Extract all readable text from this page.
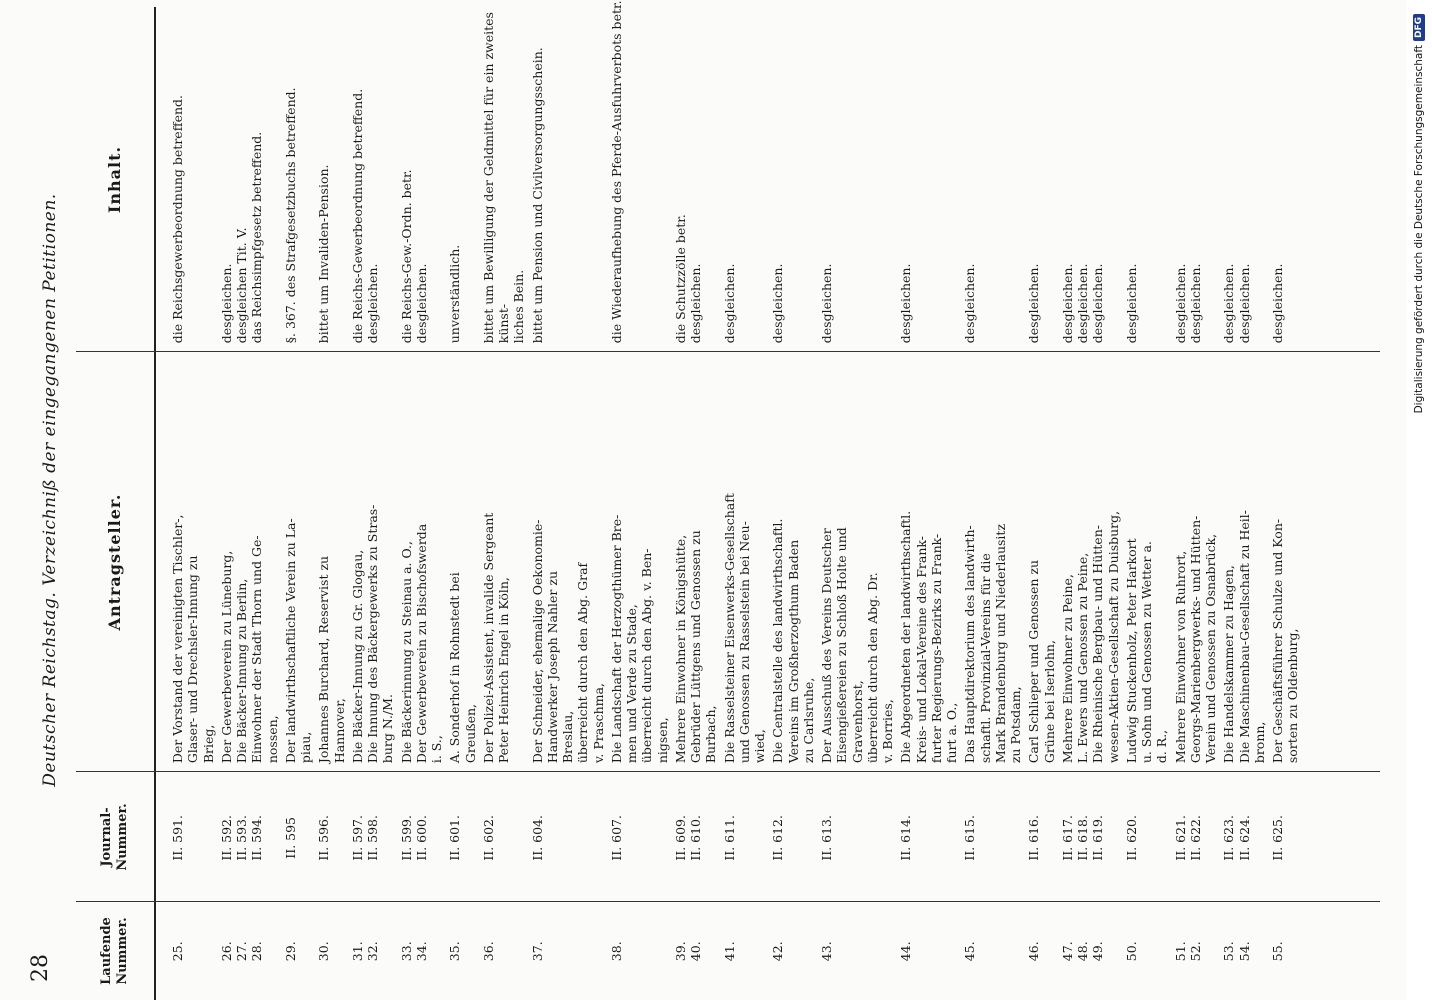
28
Deutscher Reichstag. Verzeichniß der eingegangenen Petitionen.
Laufende
Nummer.
Journal-
Nummer.
Antragsteller.
Inhalt.
25.
II. 591.
Der Vorstand der vereinigten Tischler-,
Glaser- und Drechsler-Innung zu
Brieg,
die Reichsgewerbeordnung betreffend.
26.
27.
28.
II. 592.
II. 593.
II. 594.
Der Gewerbeverein zu Lüneburg,
Die Bäcker-Innung zu Berlin,
Einwohner der Stadt Thorn und Ge-
nossen,
desgleichen.
desgleichen Tit. V.
das Reichsimpfgesetz betreffend.
29.
II. 595
Der landwirthschaftliche Verein zu La-
piau,
§. 367. des Strafgesetzbuchs betreffend.
30.
II. 596.
Johannes Burchard, Reservist zu
Hannover,
bittet um Invaliden-Pension.
31.
32.
II. 597.
II. 598.
Die Bäcker-Innung zu Gr. Glogau,
Die Innung des Bäckergewerks zu Stras-
burg N./M.
die Reichs-Gewerbeordnung betreffend.
desgleichen.
33.
34.
II. 599.
II. 600.
Die Bäckerinnung zu Steinau a. O.,
Der Gewerbeverein zu Bischofswerda
i. S.,
die Reichs-Gew.-Ordn. betr.
desgleichen.
35.
II. 601.
A. Sonderhof in Rohnstedt bei
Greußen,
unverständlich.
36.
II. 602.
Der Polizei-Assistent, invalide Sergeant
Peter Heinrich Engel in Köln,
bittet um Bewilligung der Geldmittel für ein zweites künst-
liches Bein.
37.
II. 604.
Der Schneider, ehemalige Oekonomie-
Handwerker Joseph Nahler zu
Breslau,
überreicht durch den Abg. Graf
v. Praschma,
bittet um Pension und Civilversorgungsschein.
38.
II. 607.
Die Landschaft der Herzogthümer Bre-
men und Verde zu Stade,
überreicht durch den Abg. v. Ben-
nigsen,
die Wiederaufhebung des Pferde-Ausfuhrverbots betr.
39.
40.
II. 609.
II. 610.
Mehrere Einwohner in Königshütte,
Gebrüder Lüttgens und Genossen zu
Burbach,
die Schutzzölle betr.
desgleichen.
41.
II. 611.
Die Rasselsteiner Eisenwerks-Gesellschaft
und Genossen zu Rasselstein bei Neu-
wied,
desgleichen.
42.
II. 612.
Die Centralstelle des landwirthschaftl.
Vereins im Großherzogthum Baden
zu Carlsruhe,
desgleichen.
43.
II. 613.
Der Ausschuß des Vereins Deutscher
Eisengießereien zu Schloß Holte und
Gravenhorst,
überreicht durch den Abg. Dr.
v. Borries,
desgleichen.
44.
II. 614.
Die Abgeordneten der landwirthschaftl.
Kreis- und Lokal-Vereine des Frank-
furter Regierungs-Bezirks zu Frank-
furt a. O.,
desgleichen.
45.
II. 615.
Das Hauptdirektorium des landwirth-
schaftl. Provinzial-Vereins für die
Mark Brandenburg und Niederlausitz
zu Potsdam,
desgleichen.
46.
II. 616.
Carl Schlieper und Genossen zu
Grüne bei Iserlohn,
desgleichen.
47.
48.
49.
II. 617.
II. 618.
II. 619.
Mehrere Einwohner zu Peine,
L. Ewers und Genossen zu Peine,
Die Rheinische Bergbau- und Hütten-
wesen-Aktien-Gesellschaft zu Duisburg,
desgleichen.
desgleichen.
desgleichen.
50.
II. 620.
Ludwig Stuckenholz, Peter Harkort
u. Sohn und Genossen zu Wetter a.
d. R.,
desgleichen.
51.
52.
II. 621.
II. 622.
Mehrere Einwohner von Ruhrort,
Georgs-Marienbergwerks- und Hütten-
Verein und Genossen zu Osnabrück,
desgleichen.
desgleichen.
53.
54.
II. 623.
II. 624.
Die Handelskammer zu Hagen,
Die Maschinenbau-Gesellschaft zu Heil-
bronn,
desgleichen.
desgleichen.
55.
II. 625.
Der Geschäftsführer Schulze und Kon-
sorten zu Oldenburg,
desgleichen.	Digitalisierung gefördert durch die Deutsche Forschungsgemeinschaft
DFG
